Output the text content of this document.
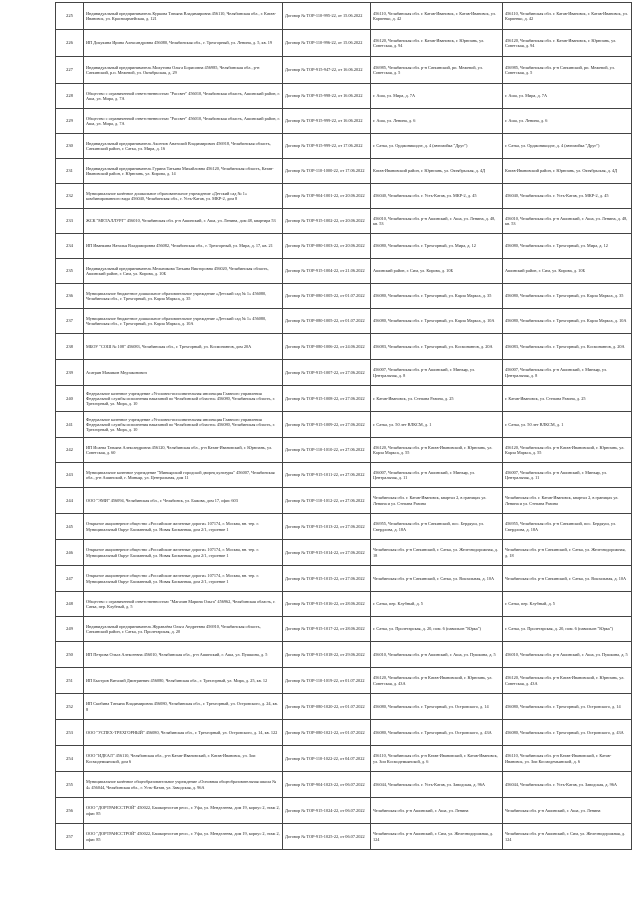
225	Индивидуальный предприниматель Куркова Татьяна Владимировна 456110, Челябинская обл., г. Катав-Ивановск, ул. Красноармейская, д. 121	Договор № ТОР-110-995-22, от 15.06.2022	456110, Челябинская обл. г. Катав-Ивановск, г. Катав-Ивановск, ул. Карпенко, д. 42	456110, Челябинская обл. г. Катав-Ивановск, г. Катав-Ивановск, ул. Карпенко, д. 42
226	ИП Докукина Ирина Александровна 456080, Челябинская обл., г. Трехгорный, ул. Ленина, д. 5, кв. 19	Договор № ТОР-110-996-22, от 15.06.2022	456120, Челябинская обл. г. Катав-Ивановск, г. Юрюзань, ул. Советская, д. 94	456120, Челябинская обл. г. Катав-Ивановск, г. Юрюзань, ул. Советская, д. 94
227	Индивидуальный предприниматель Михутина Ольга Борисовна 456985, Челябинская обл., р-н Саткинский, р.п. Межевой, ул. Октябрьская, д. 29	Договор № ТОР-915-947-22, от 16.06.2022	456985, Челябинская обл. р-н Саткинский, рп. Межевой, ул. Советская, д. 5	456985, Челябинская обл. р-н Саткинский, рп. Межевой, ул. Советская, д. 5
228	Общество с ограниченной ответственностью "Рассвет" 456010, Челябинская область, Ашинский район, г. Аша, ул. Мира, д. 7А	Договор № ТОР-915-998-22, от 16.06.2022	г. Аша, ул. Мира, д. 7А	г. Аша, ул. Мира, д. 7А
229	Общество с ограниченной ответственностью "Рассвет" 456010, Челябинская область, Ашинский район, г. Аша, ул. Мира, д. 7А	Договор № ТОР-915-999-22, от 16.06.2022	г. Аша, ул. Ленина, д. 6	г. Аша, ул. Ленина, д. 6
230	Индивидуальный предприниматель Аксенов Анатолий Владимирович 456918, Челябинская область, Саткинский район, г. Сатка, ул. Мира, д. 16	Договор № ТОР-915-999-22, от 17.06.2022	г. Сатка, ул. Орджоникидзе, д. 4 (автомойка "Друг")	г. Сатка, ул. Орджоникидзе, д. 4 (автомойка "Друг")
231	Индивидуальный предприниматель Гурина Татьяна Михайловна 456120, Челябинская область, Катав-Ивановский район, г. Юрюзань, ул. Кирова, д. 14	Договор № ТОР-110-1000-22, от 17.06.2022	Катав-Ивановский район, г. Юрюзань, ул. Октябрьская, д. 4Д	Катав-Ивановский район, г. Юрюзань, ул. Октябрьская, д. 4Д
232	Муниципальное казённое дошкольное образовательное учреждение «Детский сад № 1» комбинированного вида 456040, Челябинская обл., г. Усть-Катав, ул. МКР-2, дом 8	Договор № ТОР-904-1001-22, от 20.06.2022	456040, Челябинская обл. г. Усть-Катав, ул. МКР-2, д. 45	456040, Челябинская обл. г. Усть-Катав, ул. МКР-2, д. 45
233	ЖСК "МЕТАЛЛУРГ" 456010, Челябинская обл. р-н Ашинский, г. Аша, ул. Ленина, дом 48, квартира 53	Договор № ТОР-915-1002-22, от 20.06.2022	456010, Челябинская обл. р-н Ашинский, г. Аша, ул. Ленина, д. 48, кв. 53	456010, Челябинская обл. р-н Ашинский, г. Аша, ул. Ленина, д. 48, кв. 53
234	ИП Иванкина Наталья Владимировна 456082, Челябинская обл., г. Трехгорный, ул. Мира, д. 17, кв. 21	Договор № ТОР-080-1003-22, от 20.06.2022	456080, Челябинская обл. г. Трехгорный, ул. Мира, д. 12	456080, Челябинская обл. г. Трехгорный, ул. Мира, д. 12
235	Индивидуальный предприниматель Мельникова Татьяна Викторовна 456020, Челябинская область, Ашинский район, г. Сим, ул. Кирова, д. 10Б	Договор № ТОР-915-1004-22, от 21.06.2022	Ашинский район, г. Сим, ул. Кирова, д. 10Б	Ашинский район, г. Сим, ул. Кирова, д. 10Б
236	Муниципальное бюджетное дошкольное образовательное учреждение «Детский сад № 1» 456080, Челябинская обл., г. Трехгорный, ул. Карла Маркса, д. 35	Договор № ТОР-080-1005-22, от 01.07.2022	456080, Челябинская обл. г. Трехгорный, ул. Карла Маркса, д. 35	456080, Челябинская обл. г. Трехгорный, ул. Карла Маркса, д. 35
237	Муниципальное бюджетное дошкольное образовательное учреждение «Детский сад № 1» 456080, Челябинская обл., г. Трехгорный, ул. Карла Маркса, д. 10А	Договор № ТОР-080-1005-22, от 01.07.2022	456080, Челябинская обл. г. Трехгорный, ул. Карла Маркса, д. 10А	456080, Челябинская обл. г. Трехгорный, ул. Карла Маркса, д. 10А
238	МБОУ "СОШ № 108" 456083, Челябинская обл., г. Трехгорный, ул. Космонавтов, дом 20А	Договор № ТОР-080-1006-22, от 24.06.2022	456083, Челябинская обл. г. Трехгорный, ул. Космонавтов, д. 20А	456083, Челябинская обл. г. Трехгорный, ул. Космонавтов, д. 20А
239	Асатрян Мамикон Медзаконович	Договор № ТОР-915-1007-22, от 27.06.2022	456007, Челябинская обл. р-н Ашинский, г. Миньяр, ул. Центральная, д. 8	456007, Челябинская обл. р-н Ашинский, г. Миньяр, ул. Центральная, д. 8
240	Федеральное казенное учреждение «Уголовно-исполнительная инспекция Главного управления Федеральной службы исполнения наказаний по Челябинской области» 456080, Челябинская область, г. Трехгорный, ул. Мира, д. 10	Договор № ТОР-915-1008-22, от 27.06.2022	г. Катав-Ивановск, ул. Степана Разина, д. 25	г. Катав-Ивановск, ул. Степана Разина, д. 25
241	Федеральное казенное учреждение «Уголовно-исполнительная инспекция Главного управления Федеральной службы исполнения наказаний по Челябинской области» 456080, Челябинская область, г. Трехгорный, ул. Мира, д. 10	Договор № ТОР-915-1009-22, от 27.06.2022	г. Сатка, ул. 50 лет ВЛКСМ, д. 1	г. Сатка, ул. 50 лет ВЛКСМ, д. 1
242	ИП Исаева Татьяна Александровна 456120, Челябинская обл., р-н Катав-Ивановский, г. Юрюзань, ул. Советская, д. 60	Договор № ТОР-110-1010-22, от 27.06.2022	456120, Челябинская обл. р-н Катав-Ивановский, г. Юрюзань, ул. Карла Маркса, д. 55	456120, Челябинская обл. р-н Катав-Ивановский, г. Юрюзань, ул. Карла Маркса, д. 55
243	Муниципальное казенное учреждение "Миньярский городской дворец культуры" 456007, Челябинская обл., р-н Ашинский, г. Миньяр, ул. Центральная, дом 11	Договор № ТОР-915-1011-22, от 27.06.2022	456007, Челябинская обл. р-н Ашинский, г. Миньяр, ул. Центральная, д. 11	456007, Челябинская обл. р-н Ашинский, г. Миньяр, ул. Центральная, д. 11
244	ООО "ЭМИ" 456094, Челябинская обл., г. Челябинск, ул. Бажова, дом 17, офис 603	Договор № ТОР-110-1012-22, от 27.06.2022	Челябинская обл. г. Катав-Ивановск, квартал 2, в границах ул. Ленина и ул. Степана Разина	Челябинская обл. г. Катав-Ивановск, квартал 2, в границах ул. Ленина и ул. Степана Разина
245	Открытое акционерное общество «Российские железные дороги» 107174, г. Москва, вн. тер. г. Муниципальный Округ Басманный, ул. Новая Басманная, дом 2/1, строение 1	Договор № ТОР-915-1013-22, от 27.06.2022	456955, Челябинская обл. р-н Саткинский, пос. Бердяуш, ул. Свердлова, д. 18А	456955, Челябинская обл. р-н Саткинский, пос. Бердяуш, ул. Свердлова, д. 18А
246	Открытое акционерное общество «Российские железные дороги» 107174, г. Москва, вн. тер. г. Муниципальный Округ Басманный, ул. Новая Басманная, дом 2/1, строение 1	Договор № ТОР-915-1014-22, от 27.06.2022	Челябинская обл. р-н Саткинский, г. Сатка, ул. Железнодорожная, д. 18	Челябинская обл. р-н Саткинский, г. Сатка, ул. Железнодорожная, д. 18
247	Открытое акционерное общество «Российские железные дороги» 107174, г. Москва, вн. тер. г. Муниципальный Округ Басманный, ул. Новая Басманная, дом 2/1, строение 1	Договор № ТОР-915-1015-22, от 27.06.2022	Челябинская обл. р-н Саткинский, г. Сатка, ул. Вокзальная, д. 10А	Челябинская обл. р-н Саткинский, г. Сатка, ул. Вокзальная, д. 10А
248	Общество с ограниченной ответственностью "Магазин Марина Ольга" 456962, Челябинская область, г. Сатка, пер. Клубный, д. 5	Договор № ТОР-915-1016-22, от 28.06.2022	г. Сатка, пер. Клубный, д. 5	г. Сатка, пер. Клубный, д. 5
249	Индивидуальный предприниматель Журавлёва Ольга Андреевна 456910, Челябинская область, Саткинский район, г. Сатка, ул. Пролетарская, д. 20	Договор № ТОР-915-1017-22, от 28.06.2022	г. Сатка, ул. Пролетарская, д. 20, пом. 6 (павильон "Юрка")	г. Сатка, ул. Пролетарская, д. 20, пом. 6 (павильон "Юрка")
250	ИП Петрова Ольга Алексеевна 456010, Челябинская обл., р-н Ашинский, г. Аша, ул. Пушкина, д. 5	Договор № ТОР-915-1018-22, от 29.06.2022	456010, Челябинская обл. р-н Ашинский, г. Аша, ул. Пушкина, д. 5	456010, Челябинская обл. р-н Ашинский, г. Аша, ул. Пушкина, д. 5
251	ИП Быстров Виталий Дмитриевич 456080, Челябинская обл., г. Трехгорный, ул. Мира, д. 25, кв. 12	Договор № ТОР-110-1019-22, от 01.07.2022	456120, Челябинская обл. р-н Катав-Ивановский, г. Юрюзань, ул. Советская, д. 43А	456120, Челябинская обл. р-н Катав-Ивановский, г. Юрюзань, ул. Советская, д. 43А
252	ИП Скибина Татьяна Владимировна 456080, Челябинская обл., г. Трехгорный, ул. Островского, д. 24, кв. 8	Договор № ТОР-080-1020-22, от 01.07.2022	456080, Челябинская обл. г. Трехгорный, ул. Островского, д. 14	456080, Челябинская обл. г. Трехгорный, ул. Островского, д. 14
253	ООО "УСПЕХ-ТРЕХГОРНЫЙ" 456080, Челябинская обл., г. Трехгорный, ул. Островского, д. 14, кв. 122	Договор № ТОР-080-1021-22, от 01.07.2022	456080, Челябинская обл. г. Трехгорный, ул. Островского, д. 43А	456080, Челябинская обл. г. Трехгорный, ул. Островского, д. 43А
254	ООО "ИДЕАЛ" 456110, Челябинская обл., р-н Катав-Ивановский, г. Катав-Ивановск, ул. Зои Космодемьянской, дом 6	Договор № ТОР-110-1022-22, от 04.07.2022	456110, Челябинская обл. р-н Катав-Ивановский, г. Катав-Ивановск, ул. Зои Космодемьянской, д. 6	456110, Челябинская обл. р-н Катав-Ивановский, г. Катав-Ивановск, ул. Зои Космодемьянской, д. 6
255	Муниципальное казённое общеобразовательное учреждение «Основная общеобразовательная школа № 4» 456044, Челябинская обл., г. Усть-Катав, ул. Заводская, д. 96А	Договор № ТОР-904-1023-22, от 06.07.2022	456044, Челябинская обл. г. Усть-Катав, ул. Заводская, д. 96А	456044, Челябинская обл. г. Усть-Катав, ул. Заводская, д. 96А
256	ООО "ДОРТРАНССТРОЙ" 450022, Башкортостан респ., г. Уфа, ул. Менделеева, дом 19, корпус 2, этаж 2, офис 85	Договор № ТОР-915-1024-22, от 06.07.2022	Челябинская обл. р-н Ашинский, г. Аша, ул. Ленина	Челябинская обл. р-н Ашинский, г. Аша, ул. Ленина
257	ООО "ДОРТРАНССТРОЙ" 450022, Башкортостан респ., г. Уфа, ул. Менделеева, дом 19, корпус 2, этаж 2, офис 85	Договор № ТОР-915-1025-22, от 06.07.2022	Челябинская обл. р-н Ашинский, г. Сим, ул. Железнодорожная, д. 124	Челябинская обл. р-н Ашинский, г. Сим, ул. Железнодорожная, д. 124
